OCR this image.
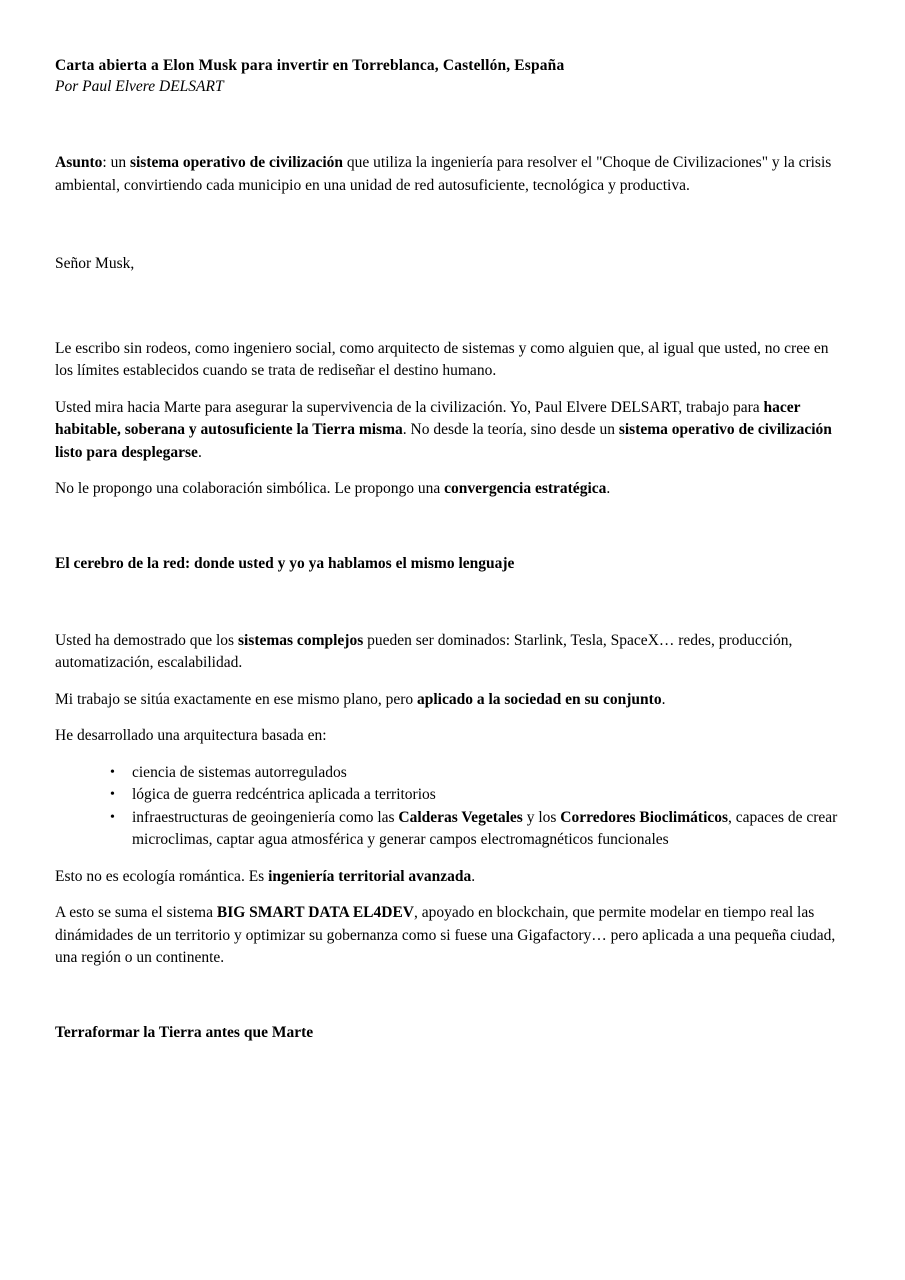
Carta abierta a Elon Musk para invertir en Torreblanca, Castellón, España
Por Paul Elvere DELSART

Asunto: un sistema operativo de civilización que utiliza la ingeniería para resolver el "Choque de Civilizaciones" y la crisis ambiental, convirtiendo cada municipio en una unidad de red autosuficiente, tecnológica y productiva.

Señor Musk,

Le escribo sin rodeos, como ingeniero social, como arquitecto de sistemas y como alguien que, al igual que usted, no cree en los límites establecidos cuando se trata de rediseñar el destino humano.

Usted mira hacia Marte para asegurar la supervivencia de la civilización. Yo, Paul Elvere DELSART, trabajo para hacer habitable, soberana y autosuficiente la Tierra misma. No desde la teoría, sino desde un sistema operativo de civilización listo para desplegarse.

No le propongo una colaboración simbólica. Le propongo una convergencia estratégica.

El cerebro de la red: donde usted y yo ya hablamos el mismo lenguaje

Usted ha demostrado que los sistemas complejos pueden ser dominados: Starlink, Tesla, SpaceX… redes, producción, automatización, escalabilidad.

Mi trabajo se sitúa exactamente en ese mismo plano, pero aplicado a la sociedad en su conjunto.

He desarrollado una arquitectura basada en:

• ciencia de sistemas autorregulados
• lógica de guerra redcéntrica aplicada a territorios
• infraestructuras de geoingeniería como las Calderas Vegetales y los Corredores Bioclimáticos, capaces de crear microclimas, captar agua atmosférica y generar campos electromagnéticos funcionales

Esto no es ecología romántica. Es ingeniería territorial avanzada.

A esto se suma el sistema BIG SMART DATA EL4DEV, apoyado en blockchain, que permite modelar en tiempo real las dinámidades de un territorio y optimizar su gobernanza como si fuese una Gigafactory… pero aplicada a una pequeña ciudad, una región o un continente.

Terraformar la Tierra antes que Marte
